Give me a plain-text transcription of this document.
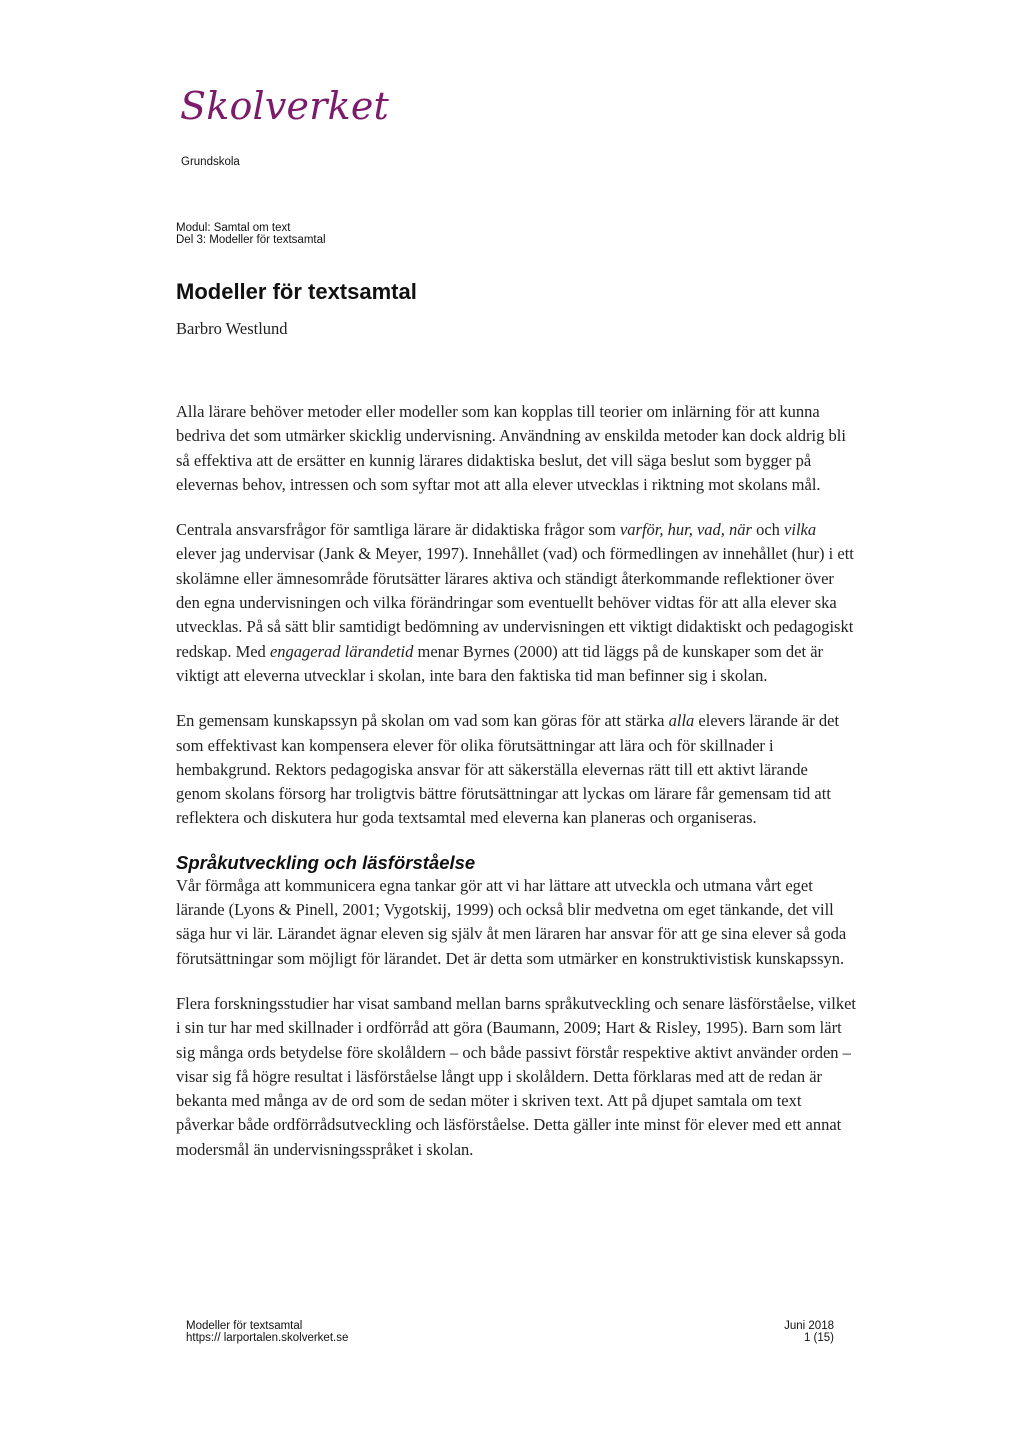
Skolverket
Grundskola
Modul: Samtal om text
Del 3: Modeller för textsamtal
Modeller för textsamtal
Barbro Westlund

Alla lärare behöver metoder eller modeller som kan kopplas till teorier om inlärning för att kunna bedriva det som utmärker skicklig undervisning. Användning av enskilda metoder kan dock aldrig bli så effektiva att de ersätter en kunnig lärares didaktiska beslut, det vill säga beslut som bygger på elevernas behov, intressen och som syftar mot att alla elever utvecklas i riktning mot skolans mål.

Centrala ansvarsfrågor för samtliga lärare är didaktiska frågor som varför, hur, vad, när och vilka elever jag undervisar (Jank & Meyer, 1997). Innehållet (vad) och förmedlingen av innehållet (hur) i ett skolämne eller ämnesområde förutsätter lärares aktiva och ständigt återkommande reflektioner över den egna undervisningen och vilka förändringar som eventuellt behöver vidtas för att alla elever ska utvecklas. På så sätt blir samtidigt bedömning av undervisningen ett viktigt didaktiskt och pedagogiskt redskap. Med engagerad lärandetid menar Byrnes (2000) att tid läggs på de kunskaper som det är viktigt att eleverna utvecklar i skolan, inte bara den faktiska tid man befinner sig i skolan.

En gemensam kunskapssyn på skolan om vad som kan göras för att stärka alla elevers lärande är det som effektivast kan kompensera elever för olika förutsättningar att lära och för skillnader i hembakgrund. Rektors pedagogiska ansvar för att säkerställa elevernas rätt till ett aktivt lärande genom skolans försorg har troligtvis bättre förutsättningar att lyckas om lärare får gemensam tid att reflektera och diskutera hur goda textsamtal med eleverna kan planeras och organiseras.

Språkutveckling och läsförståelse

Vår förmåga att kommunicera egna tankar gör att vi har lättare att utveckla och utmana vårt eget lärande (Lyons & Pinell, 2001; Vygotskij, 1999) och också blir medvetna om eget tänkande, det vill säga hur vi lär. Lärandet ägnar eleven sig själv åt men läraren har ansvar för att ge sina elever så goda förutsättningar som möjligt för lärandet. Det är detta som utmärker en konstruktivistisk kunskapssyn.

Flera forskningsstudier har visat samband mellan barns språkutveckling och senare läsförståelse, vilket i sin tur har med skillnader i ordförråd att göra (Baumann, 2009; Hart & Risley, 1995). Barn som lärt sig många ords betydelse före skolåldern – och både passivt förstår respektive aktivt använder orden – visar sig få högre resultat i läsförståelse långt upp i skolåldern. Detta förklaras med att de redan är bekanta med många av de ord som de sedan möter i skriven text. Att på djupet samtala om text påverkar både ordförrådsutveckling och läsförståelse. Detta gäller inte minst för elever med ett annat modersmål än undervisningsspråket i skolan.

Modeller för textsamtal
https:// larportalen.skolverket.se
Juni 2018
1 (15)
